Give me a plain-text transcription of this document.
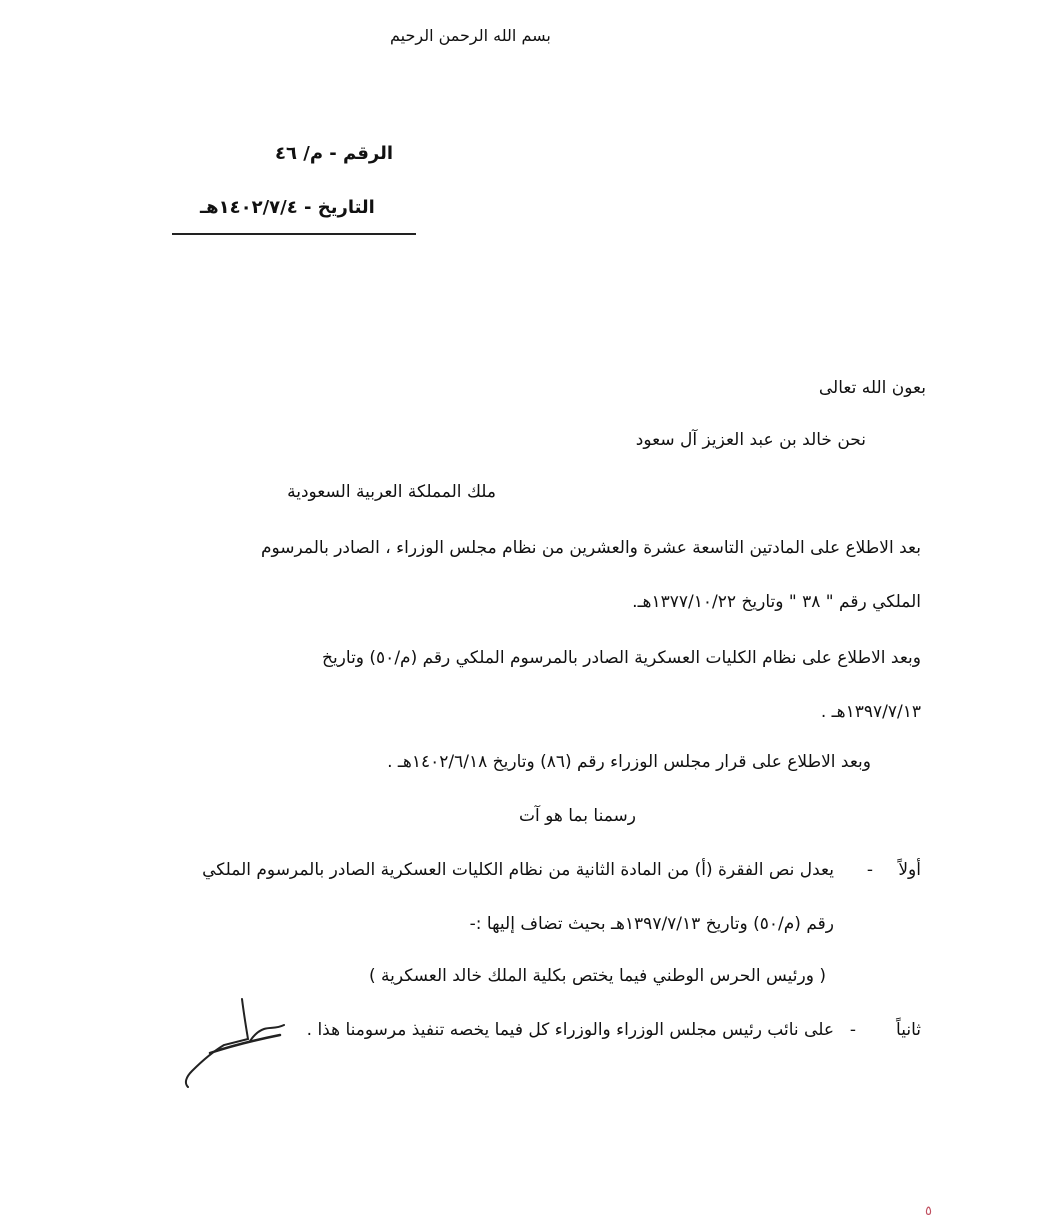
بسم الله الرحمن الرحيم
الرقم - م/ ٤٦
التاريخ - ١٤٠٢/٧/٤هـ
بعون الله تعالى
نحن خالد بن عبد العزيز آل سعود
ملك المملكة العربية السعودية
بعد الاطلاع على المادتين التاسعة عشرة والعشرين من نظام مجلس الوزراء ، الصادر بالمرسوم
الملكي رقم " ٣٨ " وتاريخ ١٣٧٧/١٠/٢٢هـ.
وبعد الاطلاع على نظام الكليات العسكرية الصادر بالمرسوم الملكي رقم (م/٥٠) وتاريخ
١٣٩٧/٧/١٣هـ .
وبعد الاطلاع على قرار مجلس الوزراء رقم (٨٦) وتاريخ ١٤٠٢/٦/١٨هـ .
رسمنا بما هو آت
أولاً
-
يعدل نص الفقرة (أ) من المادة الثانية من نظام الكليات العسكرية الصادر بالمرسوم الملكي
رقم (م/٥٠) وتاريخ ١٣٩٧/٧/١٣هـ بحيث تضاف إليها :-
( ورئيس الحرس الوطني فيما يختص بكلية الملك خالد العسكرية )
ثانياً
-
على نائب رئيس مجلس الوزراء والوزراء كل فيما يخصه تنفيذ مرسومنا هذا .
٥
